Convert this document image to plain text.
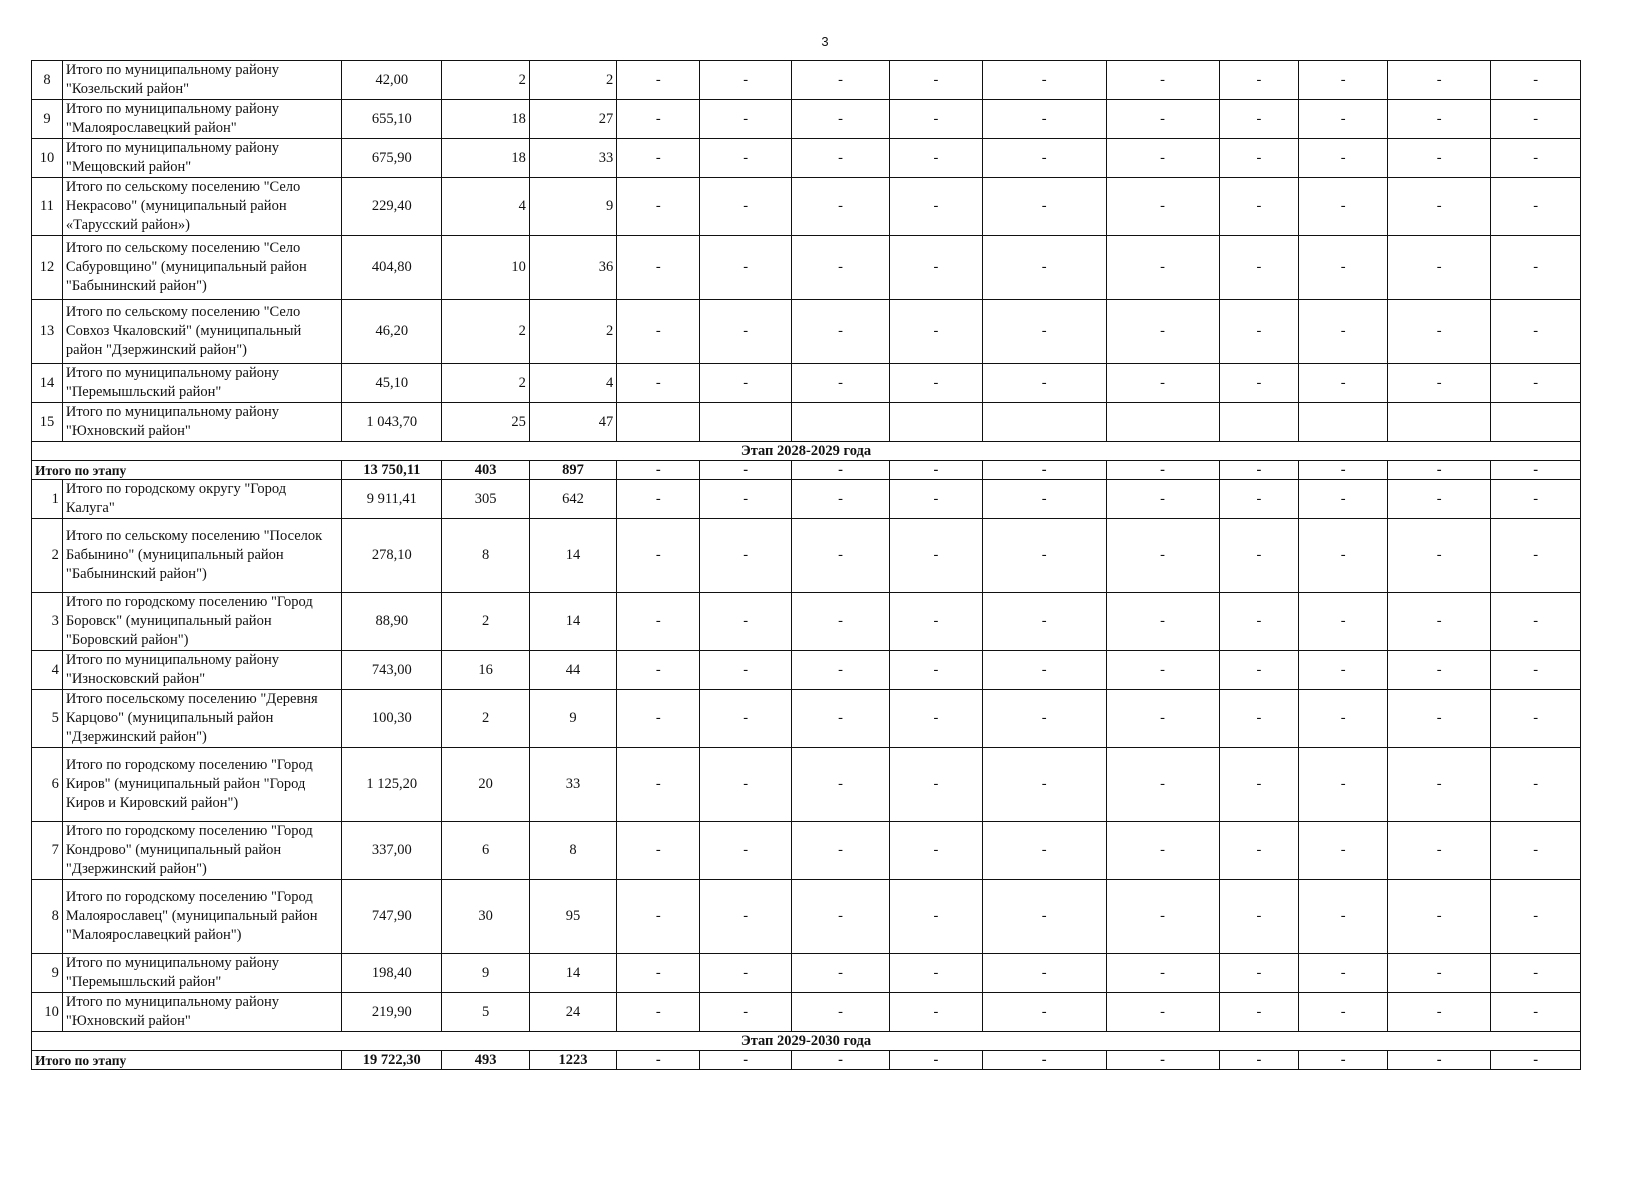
3
8	Итого по муниципальному району "Козельский район"	42,00	2	2	-	-	-	-	-	-	-	-	-	-
9	Итого по муниципальному району "Малоярославецкий район"	655,10	18	27	-	-	-	-	-	-	-	-	-	-
10	Итого по муниципальному району "Мещовский район"	675,90	18	33	-	-	-	-	-	-	-	-	-	-
11	Итого по сельскому поселению "Село Некрасово" (муниципальный район «Тарусский район»)	229,40	4	9	-	-	-	-	-	-	-	-	-	-
12	Итого по сельскому поселению "Село Сабуровщино" (муниципальный район "Бабынинский район")	404,80	10	36	-	-	-	-	-	-	-	-	-	-
13	Итого по сельскому поселению "Село Совхоз Чкаловский" (муниципальный район "Дзержинский район")	46,20	2	2	-	-	-	-	-	-	-	-	-	-
14	Итого по муниципальному району "Перемышльский район"	45,10	2	4	-	-	-	-	-	-	-	-	-	-
15	Итого по муниципальному району "Юхновский район"	1 043,70	25	47										
Этап 2028-2029 года														
Итого по этапу		13 750,11	403	897	-	-	-	-	-	-	-	-	-	-
1	Итого по городскому округу "Город Калуга"	9 911,41	305	642	-	-	-	-	-	-	-	-	-	-
2	Итого по сельскому поселению "Поселок Бабынино" (муниципальный район "Бабынинский район")	278,10	8	14	-	-	-	-	-	-	-	-	-	-
3	Итого по городскому поселению "Город Боровск" (муниципальный район "Боровский район")	88,90	2	14	-	-	-	-	-	-	-	-	-	-
4	Итого по муниципальному району "Износковский район"	743,00	16	44	-	-	-	-	-	-	-	-	-	-
5	Итого посельскому поселению "Деревня Карцово" (муниципальный район "Дзержинский район")	100,30	2	9	-	-	-	-	-	-	-	-	-	-
6	Итого по городскому поселению "Город Киров" (муниципальный район "Город Киров и Кировский район")	1 125,20	20	33	-	-	-	-	-	-	-	-	-	-
7	Итого по городскому поселению "Город Кондрово" (муниципальный район "Дзержинский район")	337,00	6	8	-	-	-	-	-	-	-	-	-	-
8	Итого по городскому поселению "Город Малоярославец" (муниципальный район "Малоярославецкий район")	747,90	30	95	-	-	-	-	-	-	-	-	-	-
9	Итого по муниципальному району "Перемышльский район"	198,40	9	14	-	-	-	-	-	-	-	-	-	-
10	Итого по муниципальному району "Юхновский район"	219,90	5	24	-	-	-	-	-	-	-	-	-	-
Этап 2029-2030 года														
Итого по этапу		19 722,30	493	1223	-	-	-	-	-	-	-	-	-	-
